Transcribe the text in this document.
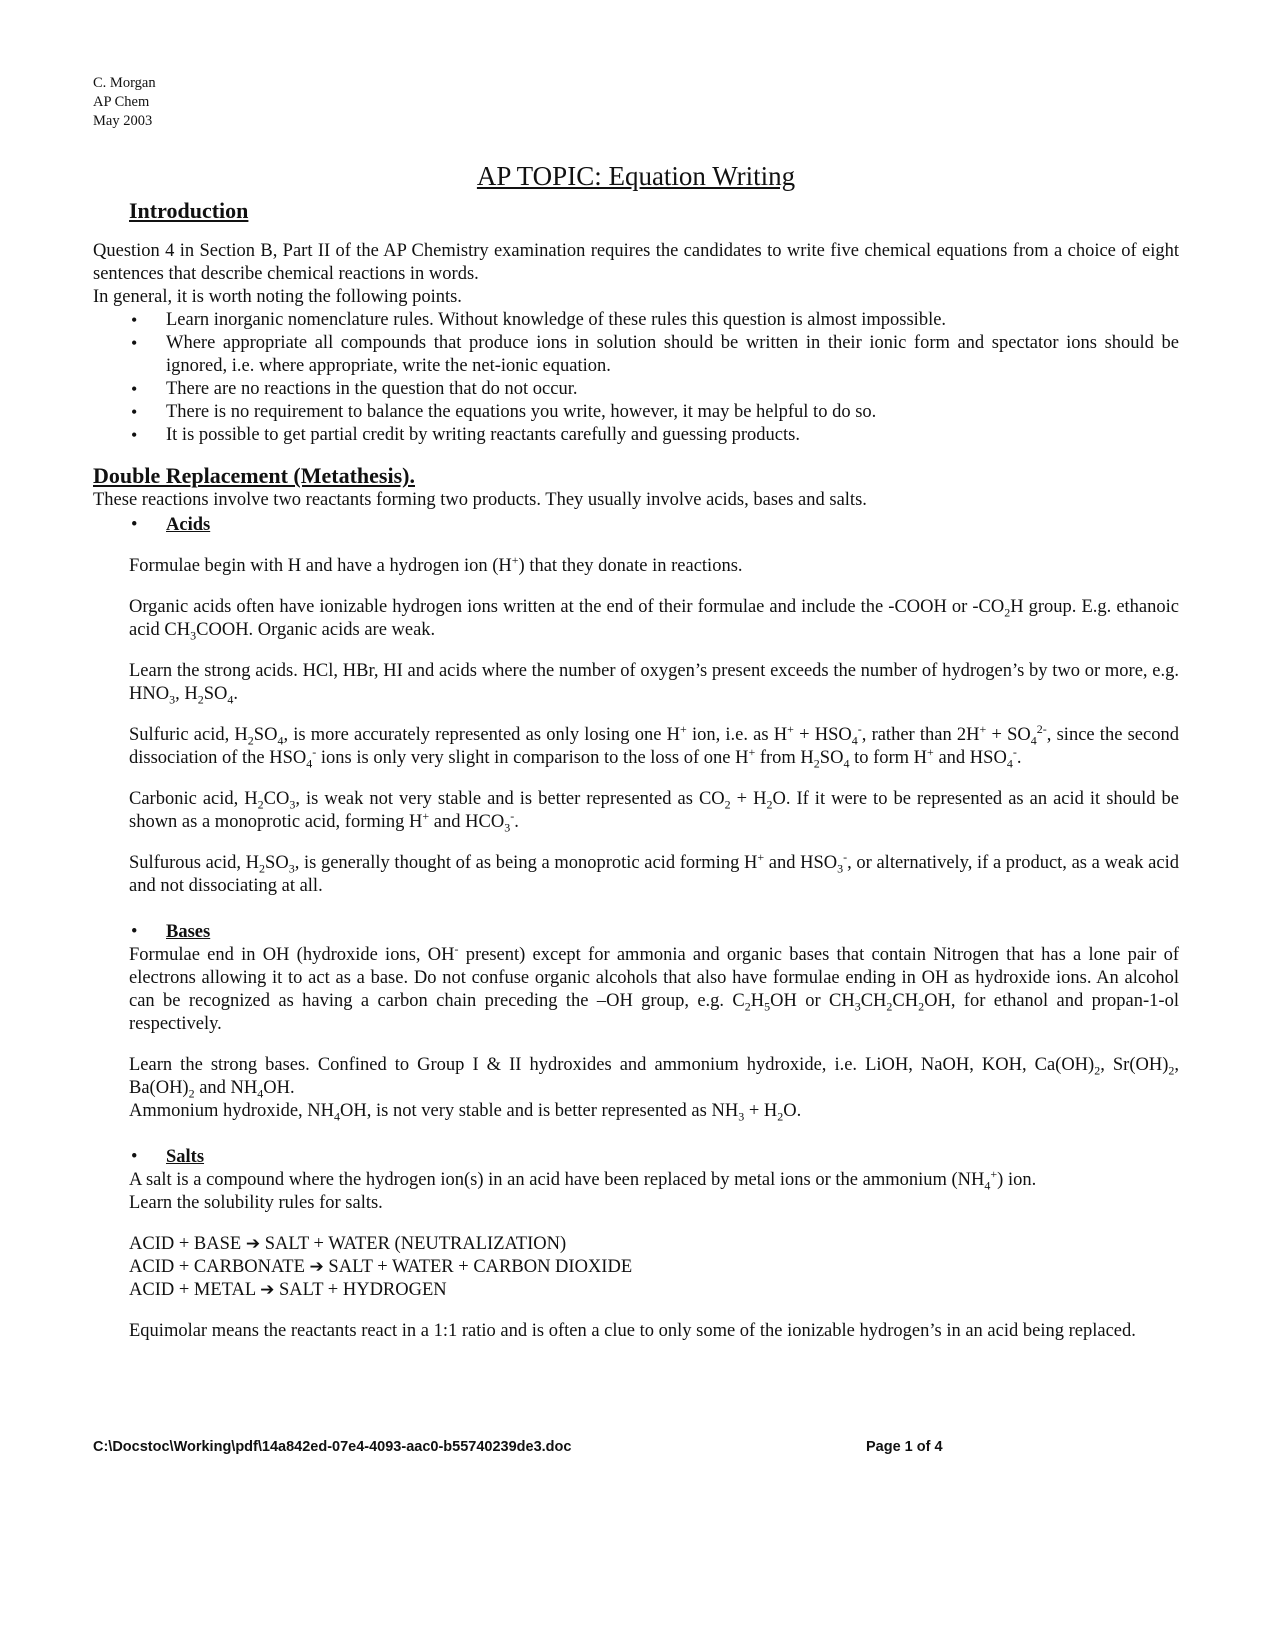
C. Morgan
AP Chem
May 2003
AP TOPIC: Equation Writing
Introduction

Question 4 in Section B, Part II of the AP Chemistry examination requires the candidates to write five chemical equations from a choice of eight sentences that describe chemical reactions in words.

In general, it is worth noting the following points.

• Learn inorganic nomenclature rules. Without knowledge of these rules this question is almost impossible.
• Where appropriate all compounds that produce ions in solution should be written in their ionic form and spectator ions should be ignored, i.e. where appropriate, write the net-ionic equation.
• There are no reactions in the question that do not occur.
• There is no requirement to balance the equations you write, however, it may be helpful to do so.
• It is possible to get partial credit by writing reactants carefully and guessing products.
Double Replacement (Metathesis).

These reactions involve two reactants forming two products. They usually involve acids, bases and salts.

• Acids

Formulae begin with H and have a hydrogen ion (H+) that they donate in reactions.

Organic acids often have ionizable hydrogen ions written at the end of their formulae and include the -COOH or $-CO_2H$ group. E.g. ethanoic acid $CH_3COOH$. Organic acids are weak.

Learn the strong acids. HCl, HBr, HI and acids where the number of oxygen’s present exceeds the number of hydrogen’s by two or more, e.g. $HNO_3$, $H_2SO_4$.

Sulfuric acid, $H_2SO_4$, is more accurately represented as only losing one H+ ion, i.e. as $H^+ + HSO_4^-$, rather than $2H^+ + SO_4^{2-}$, since the second dissociation of the $HSO_4^-$ ions is only very slight in comparison to the loss of one H+ from $H_2SO_4$ to form H+ and $HSO_4^-$.

Carbonic acid, $H_2CO_3$, is weak not very stable and is better represented as $CO_2 + H_2O$. If it were to be represented as an acid it should be shown as a monoprotic acid, forming H+ and $HCO_3^-$.

Sulfurous acid, $H_2SO_3$, is generally thought of as being a monoprotic acid forming H+ and $HSO_3^-$, or alternatively, if a product, as a weak acid and not dissociating at all.

• Bases

Formulae end in OH (hydroxide ions, OH- present) except for ammonia and organic bases that contain Nitrogen that has a lone pair of electrons allowing it to act as a base. Do not confuse organic alcohols that also have formulae ending in OH as hydroxide ions. An alcohol can be recognized as having a carbon chain preceding the –OH group, e.g. $C_2H_5OH$ or $CH_3CH_2CH_2OH$, for ethanol and propan-1-ol respectively.

Learn the strong bases. Confined to Group I & II hydroxides and ammonium hydroxide, i.e. LiOH, NaOH, KOH, $Ca(OH)_2$, $Sr(OH)_2$, $Ba(OH)_2$ and $NH_4OH$.

Ammonium hydroxide, $NH_4OH$, is not very stable and is better represented as $NH_3 + H_2O$.

• Salts

A salt is a compound where the hydrogen ion(s) in an acid have been replaced by metal ions or the ammonium $(NH_4^+)$ ion.

Learn the solubility rules for salts.

ACID + BASE ➔ SALT + WATER (NEUTRALIZATION)
ACID + CARBONATE ➔ SALT + WATER + CARBON DIOXIDE
ACID + METAL ➔ SALT + HYDROGEN

Equimolar means the reactants react in a 1:1 ratio and is often a clue to only some of the ionizable hydrogen’s in an acid being replaced.

C:\Docstoc\Working\pdf\14a842ed-07e4-4093-aac0-b55740239de3.doc	Page 1 of 4
